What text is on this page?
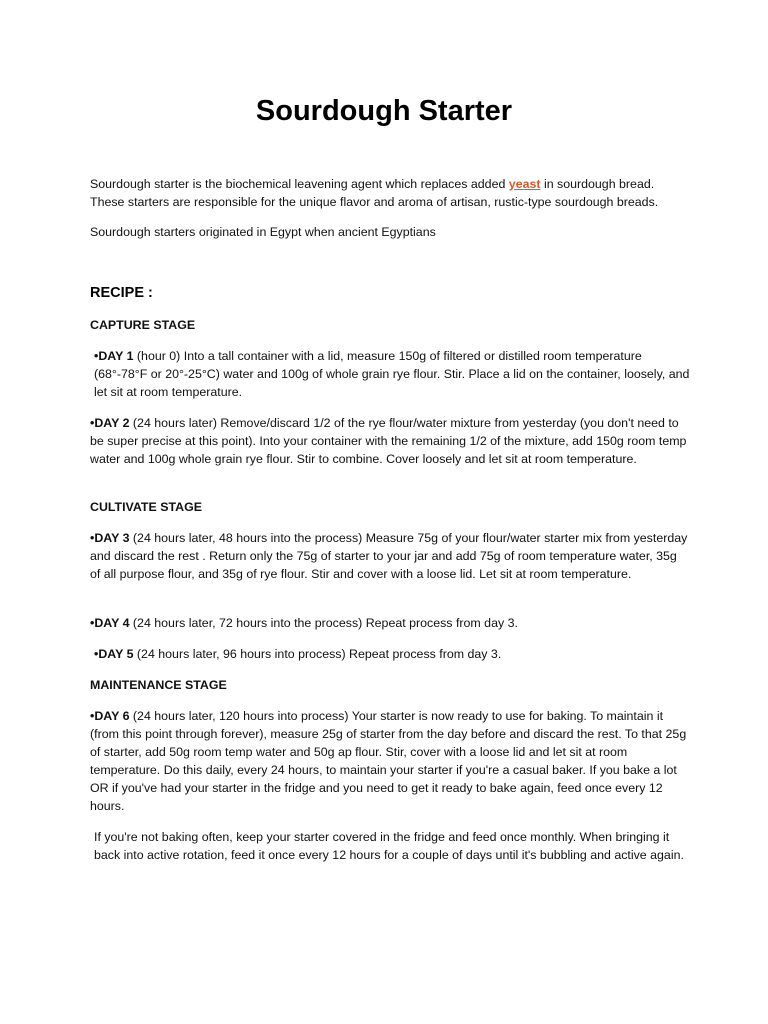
Sourdough Starter
Sourdough starter is the biochemical leavening agent which replaces added yeast in sourdough bread. These starters are responsible for the unique flavor and aroma of artisan, rustic-type sourdough breads.
Sourdough starters originated in Egypt when ancient Egyptians
RECIPE :
CAPTURE STAGE
•DAY 1 (hour 0) Into a tall container with a lid, measure 150g of filtered or distilled room temperature (68°-78°F or 20°-25°C) water and 100g of whole grain rye flour. Stir. Place a lid on the container, loosely, and let sit at room temperature.
•DAY 2 (24 hours later) Remove/discard 1/2 of the rye flour/water mixture from yesterday (you don't need to be super precise at this point). Into your container with the remaining 1/2 of the mixture, add 150g room temp water and 100g whole grain rye flour. Stir to combine. Cover loosely and let sit at room temperature.
CULTIVATE STAGE
•DAY 3 (24 hours later, 48 hours into the process) Measure 75g of your flour/water starter mix from yesterday and discard the rest . Return only the 75g of starter to your jar and add 75g of room temperature water, 35g of all purpose flour, and 35g of rye flour. Stir and cover with a loose lid. Let sit at room temperature.
•DAY 4 (24 hours later, 72 hours into the process) Repeat process from day 3.
•DAY 5 (24 hours later, 96 hours into process) Repeat process from day 3.
MAINTENANCE STAGE
•DAY 6 (24 hours later, 120 hours into process) Your starter is now ready to use for baking. To maintain it (from this point through forever), measure 25g of starter from the day before and discard the rest. To that 25g of starter, add 50g room temp water and 50g ap flour. Stir, cover with a loose lid and let sit at room temperature. Do this daily, every 24 hours, to maintain your starter if you're a casual baker. If you bake a lot OR if you've had your starter in the fridge and you need to get it ready to bake again, feed once every 12 hours.
If you're not baking often, keep your starter covered in the fridge and feed once monthly. When bringing it back into active rotation, feed it once every 12 hours for a couple of days until it's bubbling and active again.
